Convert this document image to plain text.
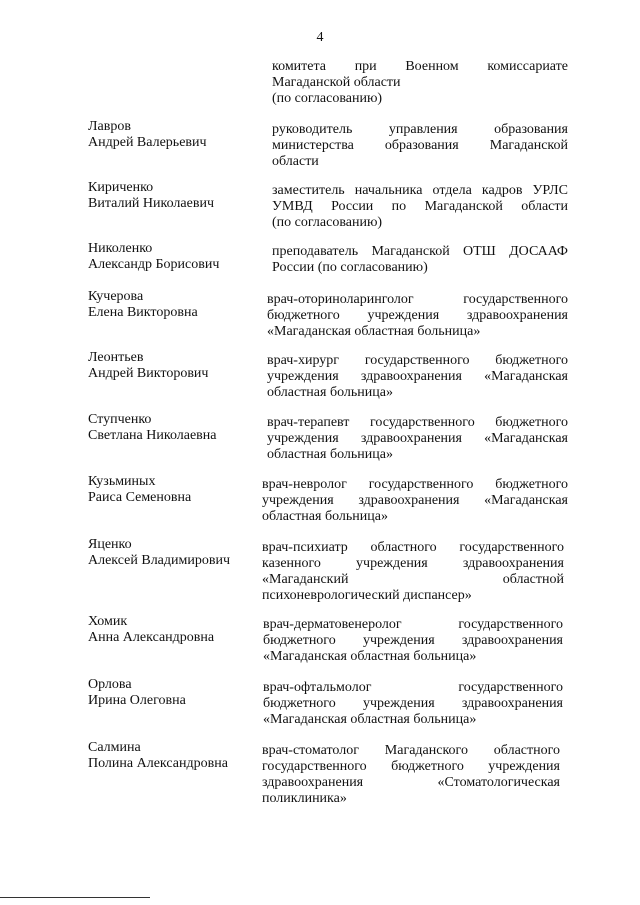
4
комитета при Военном комиссариате
Магаданской области
(по согласованию)
Лавров
Андрей Валерьевич
руководитель управления образования
министерства образования Магаданской
области
Кириченко
Виталий Николаевич
заместитель начальника отдела кадров УРЛС
УМВД России по Магаданской области
(по согласованию)
Николенко
Александр Борисович
преподаватель Магаданской ОТШ ДОСААФ
России (по согласованию)
Кучерова
Елена Викторовна
врач-оториноларинголог государственного
бюджетного учреждения здравоохранения
«Магаданская областная больница»
Леонтьев
Андрей Викторович
врач-хирург государственного бюджетного
учреждения здравоохранения «Магаданская
областная больница»
Ступченко
Светлана Николаевна
врач-терапевт государственного бюджетного
учреждения здравоохранения «Магаданская
областная больница»
Кузьминых
Раиса Семеновна
врач-невролог государственного бюджетного
учреждения здравоохранения «Магаданская
областная больница»
Яценко
Алексей Владимирович
врач-психиатр областного государственного
казенного учреждения здравоохранения
«Магаданский областной
психоневрологический диспансер»
Хомик
Анна Александровна
врач-дерматовенеролог государственного
бюджетного учреждения здравоохранения
«Магаданская областная больница»
Орлова
Ирина Олеговна
врач-офтальмолог государственного
бюджетного учреждения здравоохранения
«Магаданская областная больница»
Салмина
Полина Александровна
врач-стоматолог Магаданского областного
государственного бюджетного учреждения
здравоохранения «Стоматологическая
поликлиника»
